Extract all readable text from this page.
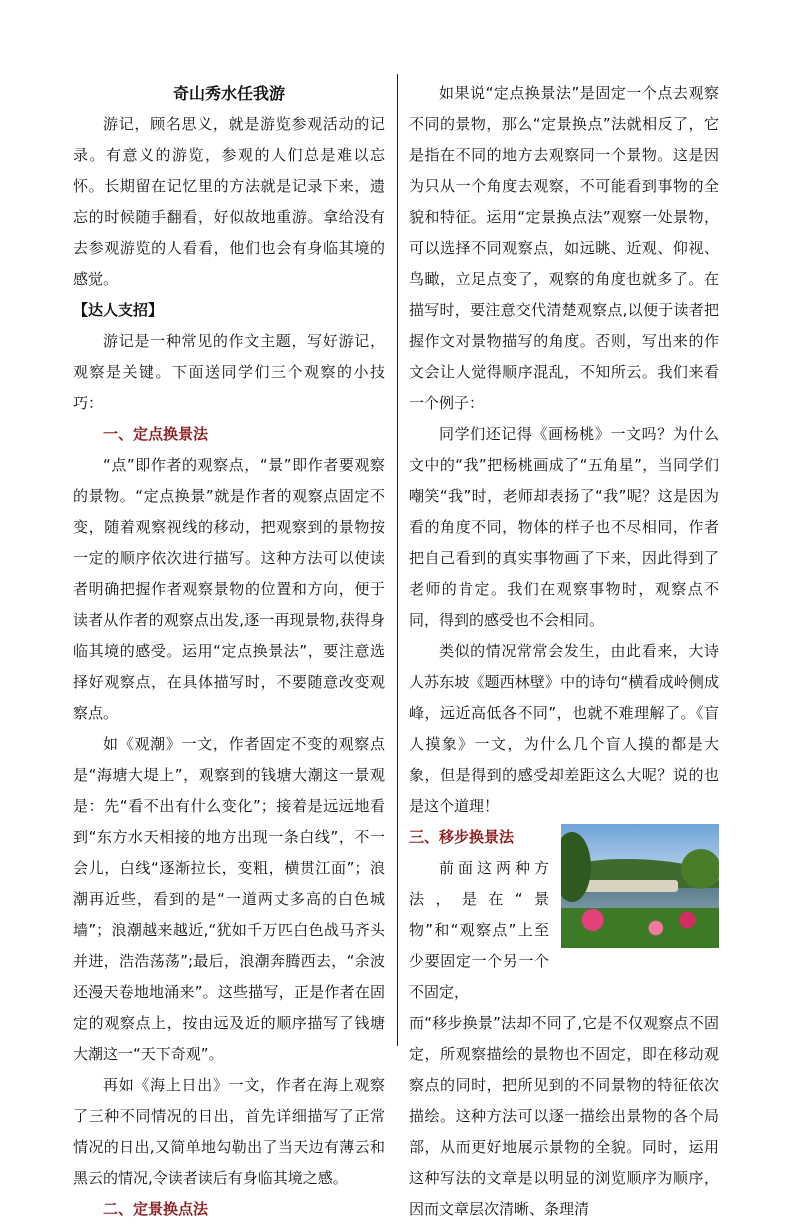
奇山秀水任我游

游记，顾名思义，就是游览参观活动的记录。有意义的游览，参观的人们总是难以忘怀。长期留在记忆里的方法就是记录下来，遗忘的时候随手翻看，好似故地重游。拿给没有去参观游览的人看看，他们也会有身临其境的感觉。

【达人支招】

游记是一种常见的作文主题，写好游记，观察是关键。下面送同学们三个观察的小技巧：

一、定点换景法

“点”即作者的观察点，“景”即作者要观察的景物。“定点换景”就是作者的观察点固定不变，随着观察视线的移动，把观察到的景物按一定的顺序依次进行描写。这种方法可以使读者明确把握作者观察景物的位置和方向，便于读者从作者的观察点出发,逐一再现景物,获得身临其境的感受。运用“定点换景法”，要注意选择好观察点，在具体描写时，不要随意改变观察点。

如《观潮》一文，作者固定不变的观察点是“海塘大堤上”，观察到的钱塘大潮这一景观是：先“看不出有什么变化”；接着是远远地看到“东方水天相接的地方出现一条白线”，不一会儿，白线“逐渐拉长，变粗，横贯江面”；浪潮再近些，看到的是“一道两丈多高的白色城墙”；浪潮越来越近,“犹如千万匹白色战马齐头并进，浩浩荡荡”;最后，浪潮奔腾西去，“余波还漫天卷地地涌来”。这些描写，正是作者在固定的观察点上，按由远及近的顺序描写了钱塘大潮这一“天下奇观”。

再如《海上日出》一文，作者在海上观察了三种不同情况的日出，首先详细描写了正常情况的日出,又简单地勾勒出了当天边有薄云和黑云的情况,令读者读后有身临其境之感。

二、定景换点法

如果说“定点换景法”是固定一个点去观察不同的景物，那么“定景换点”法就相反了，它是指在不同的地方去观察同一个景物。这是因为只从一个角度去观察，不可能看到事物的全貌和特征。运用“定景换点法”观察一处景物，可以选择不同观察点，如远眺、近观、仰视、鸟瞰，立足点变了，观察的角度也就多了。在描写时，要注意交代清楚观察点,以便于读者把握作文对景物描写的角度。否则，写出来的作文会让人觉得顺序混乱，不知所云。我们来看一个例子：

同学们还记得《画杨桃》一文吗？为什么文中的“我”把杨桃画成了“五角星”，当同学们嘲笑“我”时，老师却表扬了“我”呢？这是因为看的角度不同，物体的样子也不尽相同，作者把自己看到的真实事物画了下来，因此得到了老师的肯定。我们在观察事物时，观察点不同，得到的感受也不会相同。

类似的情况常常会发生，由此看来，大诗人苏东坡《题西林壁》中的诗句“横看成岭侧成峰，远近高低各不同”，也就不难理解了。《盲人摸象》一文，为什么几个盲人摸的都是大象，但是得到的感受却差距这么大呢？说的也是这个道理！

三、移步换景法

前面这两种方法，是在“景物”和“观察点”上至少要固定一个另一个不固定，

而“移步换景”法却不同了,它是不仅观察点不固定，所观察描绘的景物也不固定，即在移动观察点的同时，把所见到的不同景物的特征依次描绘。这种方法可以逐一描绘出景物的各个局部，从而更好地展示景物的全貌。同时，运用这种写法的文章是以明显的浏览顺序为顺序，因而文章层次清晰、条理清
